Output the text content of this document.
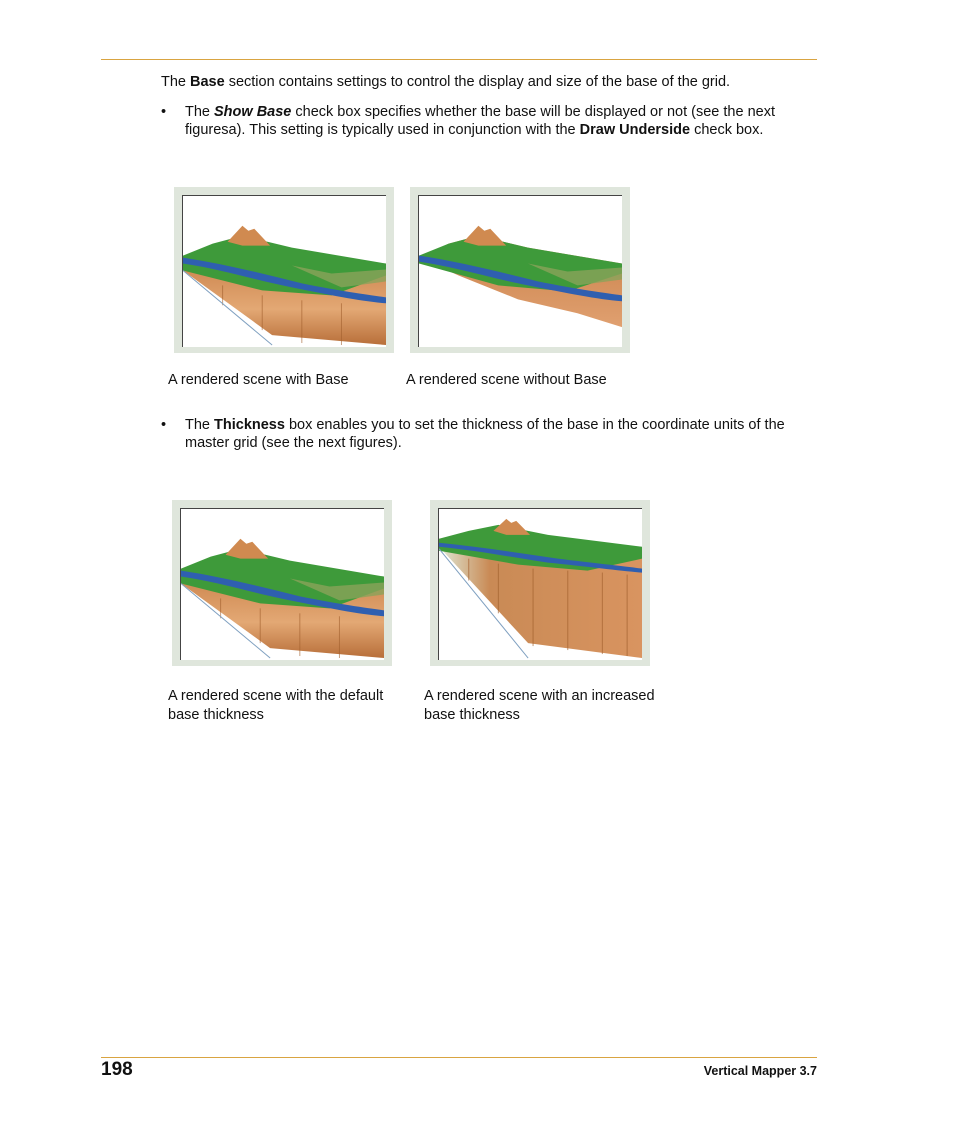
The Base section contains settings to control the display and size of the base of the grid.
• The Show Base check box specifies whether the base will be displayed or not (see the next
figuresa). This setting is typically used in conjunction with the Draw Underside check box.
A rendered scene with Base	A rendered scene without Base
• The Thickness box enables you to set the thickness of the base in the coordinate units of the
master grid (see the next figures).
A rendered scene with the default
base thickness
A rendered scene with an increased
base thickness
198	Vertical Mapper 3.7
